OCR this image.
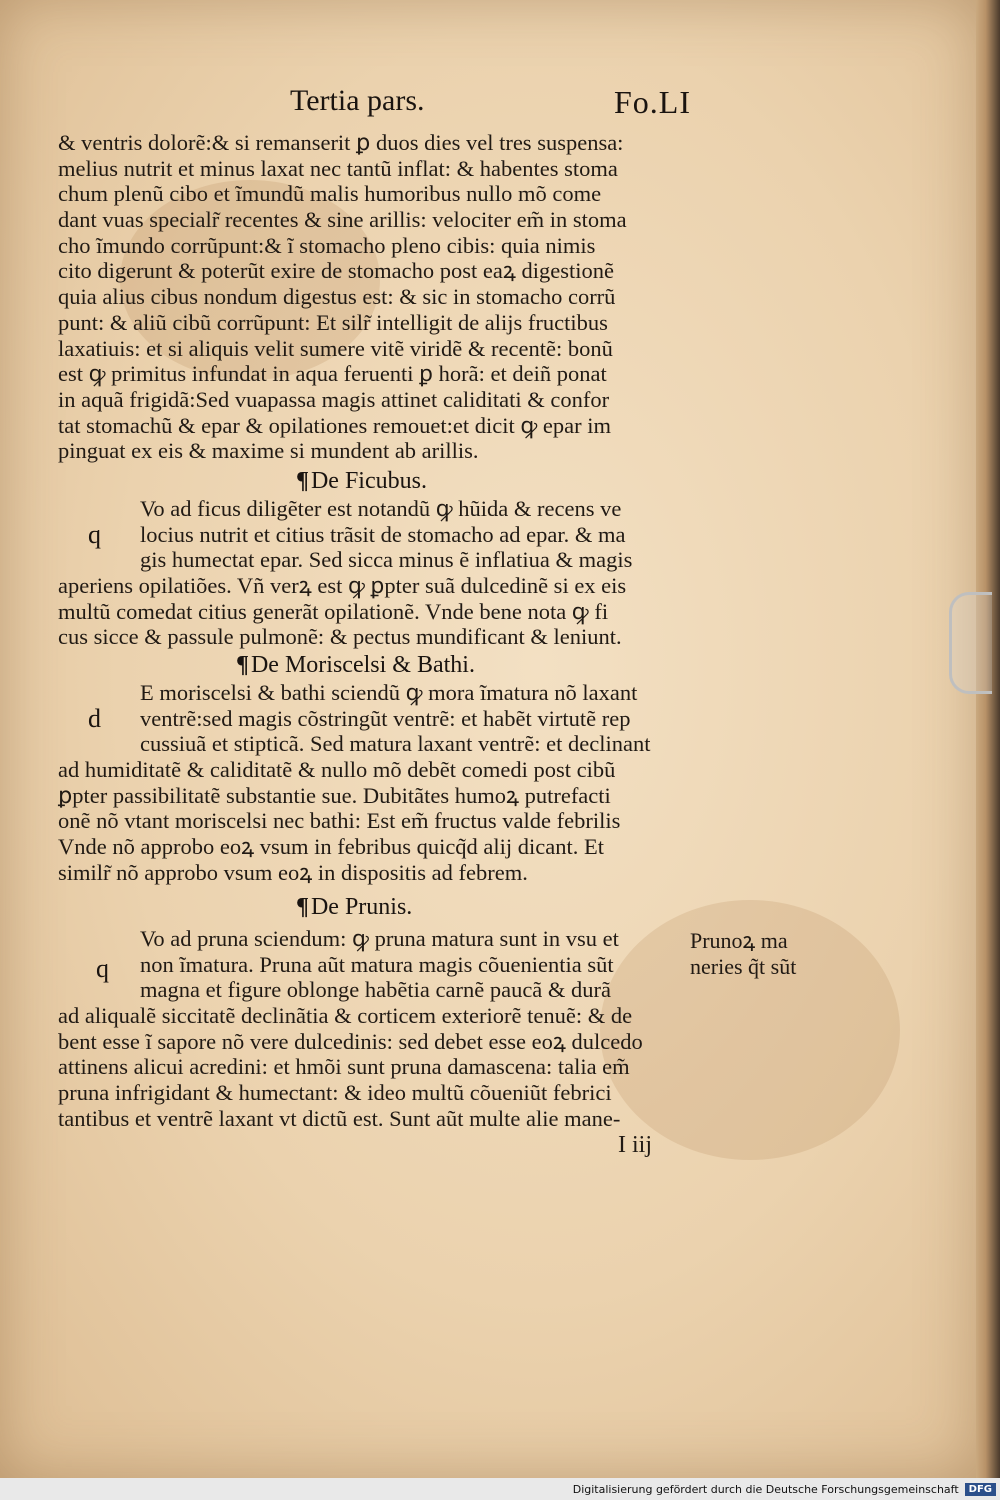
Tertia pars.	Fo.LI
& ventris dolorẽ:& si remanserit ꝑ duos dies vel tres suspensa:
melius nutrit et minus laxat nec tantũ inflat: & habentes stoma
chum plenũ cibo et ĩmundũ malis humoribus nullo mõ come
dant vuas specialr̃ recentes & sine arillis: velociter em̃ in stoma
cho ĩmundo corrũpunt:& ĩ stomacho pleno cibis: quia nimis
cito digerunt & poterũt exire de stomacho post eaꝝ digestionẽ
quia alius cibus nondum digestus est: & sic in stomacho corrũ
punt: & aliũ cibũ corrũpunt: Et silr̃ intelligit de alijs fructibus
laxatiuis: et si aliquis velit sumere vitẽ viridẽ & recentẽ: bonũ
est ꝙ primitus infundat in aqua feruenti ꝑ horã: et deiñ ponat
in aquã frigidã:Sed vuapassa magis attinet caliditati & confor
tat stomachũ & epar & opilationes remouet:et dicit ꝙ epar im
pinguat ex eis & maxime si mundent ab arillis.
¶De Ficubus.
q
Vo ad ficus diligẽter est notandũ ꝙ hũida & recens ve
locius nutrit et citius trãsit de stomacho ad epar. & ma
gis humectat epar. Sed sicca minus ẽ inflatiua & magis
aperiens opilatiões. Vñ verꝝ est ꝙ ꝑpter suã dulcedinẽ si ex eis
multũ comedat citius generãt opilationẽ. Vnde bene nota ꝙ fi
cus sicce & passule pulmonẽ: & pectus mundificant & leniunt.
¶De Moriscelsi & Bathi.
d
E moriscelsi & bathi sciendũ ꝙ mora ĩmatura nõ laxant
ventrẽ:sed magis cõstringũt ventrẽ: et habẽt virtutẽ rep
cussiuã et stipticã. Sed matura laxant ventrẽ: et declinant
ad humiditatẽ & caliditatẽ & nullo mõ debẽt comedi post cibũ
ꝑpter passibilitatẽ substantie sue. Dubitãtes humoꝝ putrefacti
onẽ nõ vtant moriscelsi nec bathi: Est em̃ fructus valde febrilis
Vnde nõ approbo eoꝝ vsum in febribus quicq̃d alij dicant. Et
similr̃ nõ approbo vsum eoꝝ in dispositis ad febrem.
¶De Prunis.
q
Vo ad pruna sciendum: ꝙ pruna matura sunt in vsu et
non ĩmatura. Pruna aũt matura magis cõuenientia sũt
magna et figure oblonge habẽtia carnẽ paucã & durã
ad aliqualẽ siccitatẽ declinãtia & corticem exteriorẽ tenuẽ: & de
bent esse ĩ sapore nõ vere dulcedinis: sed debet esse eoꝝ dulcedo
attinens alicui acredini: et hmõi sunt pruna damascena: talia em̃
pruna infrigidant & humectant: & ideo multũ cõueniũt febrici
tantibus et ventrẽ laxant vt dictũ est. Sunt aũt multe alie mane-
Prunoꝝ ma
neries q̃t sũt
I iij
Digitalisierung gefördert durch die Deutsche Forschungsgemeinschaft	DFG
